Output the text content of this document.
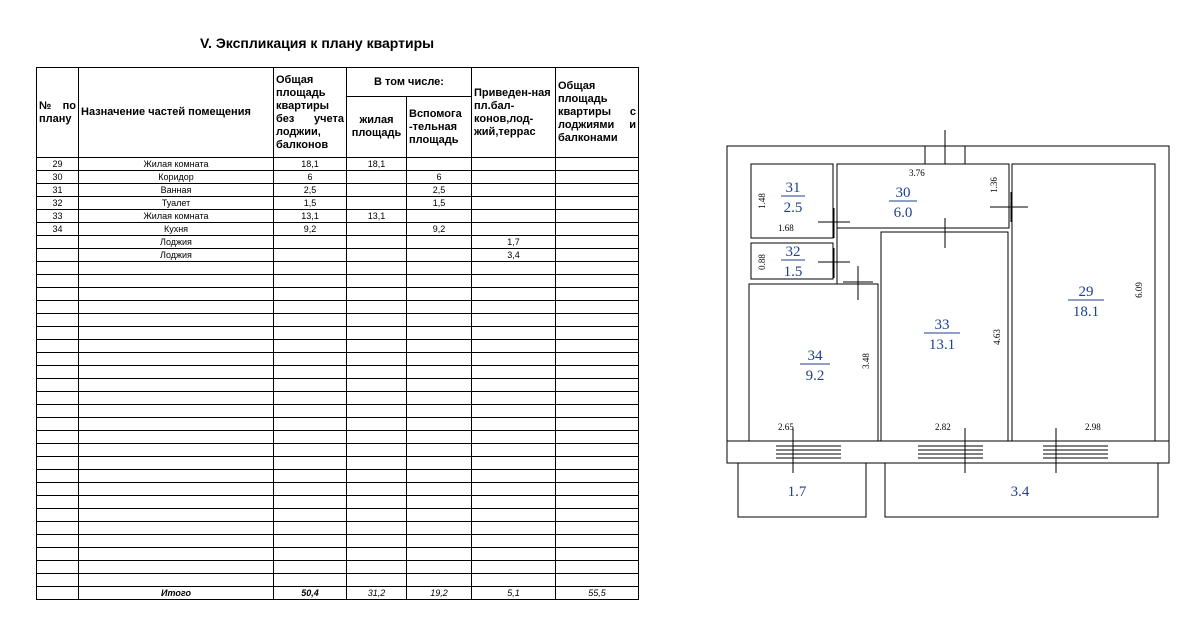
V. Экспликация к плану квартиры
№ по плану	Назначение частей помещения	Общая площадь квартиры без учета лоджии, балконов	В том числе:		Приведен-ная пл.бал-конов,лод-жий,террас	Общая площадь квартиры с лоджиями и балконами
			жилая площадь	Вспомога -тельная площадь		
29	Жилая комната	18,1	18,1			
30	Коридор	6		6		
31	Ванная	2,5		2,5		
32	Туалет	1,5		1,5		
33	Жилая комната	13,1	13,1			
34	Кухня	9,2		9,2		
	Лоджия				1,7	
	Лоджия				3,4	

	Итого	50,4	31,2	19,2	5,1	55,5
31
2.5
30
6.0
32
1.5
34
9.2
33
13.1
29
18.1
1.7	3.4
1.48
1.68
3.76
1.36
0.88
3.48
4.63
6.09
2.65	2.82	2.98
